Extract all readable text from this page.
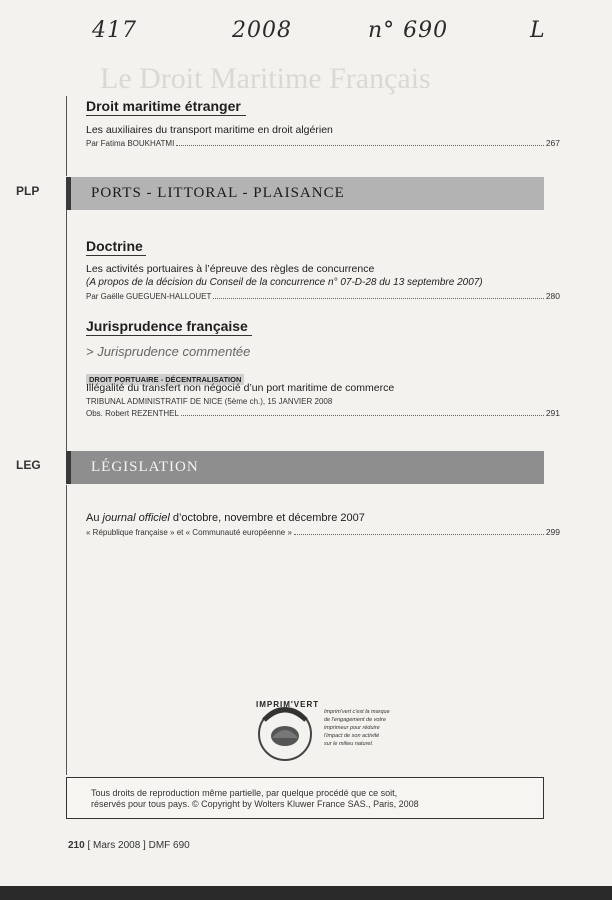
417	2008	n° 690	L
Le Droit Maritime Français
Droit maritime étranger
Les auxiliaires du transport maritime en droit algérien
Par Fatima BOUKHATMI	267
PLP	PORTS - LITTORAL - PLAISANCE
Doctrine
Les activités portuaires à l’épreuve des règles de concurrence
(A propos de la décision du Conseil de la concurrence n° 07-D-28 du 13 septembre 2007)
Par Gaëlle GUEGUEN-HALLOUET	280
Jurisprudence française
> Jurisprudence commentée
DROIT PORTUAIRE - DÉCENTRALISATION
Illégalité du transfert non négocié d’un port maritime de commerce
TRIBUNAL ADMINISTRATIF DE NICE (5ème ch.), 15 JANVIER 2008
Obs. Robert REZENTHEL	291
LEG	LÉGISLATION
Au journal officiel d’octobre, novembre et décembre 2007
« République française » et « Communauté européenne »	299
IMPRIM'VERT
Imprim'vert c'est la marque
de l'engagement de votre
imprimeur pour réduire
l'impact de son activité
sur le milieu naturel.
Tous droits de reproduction même partielle, par quelque procédé que ce soit,
réservés pour tous pays. © Copyright by Wolters Kluwer France SAS., Paris, 2008
210 [ Mars 2008 ] DMF 690
